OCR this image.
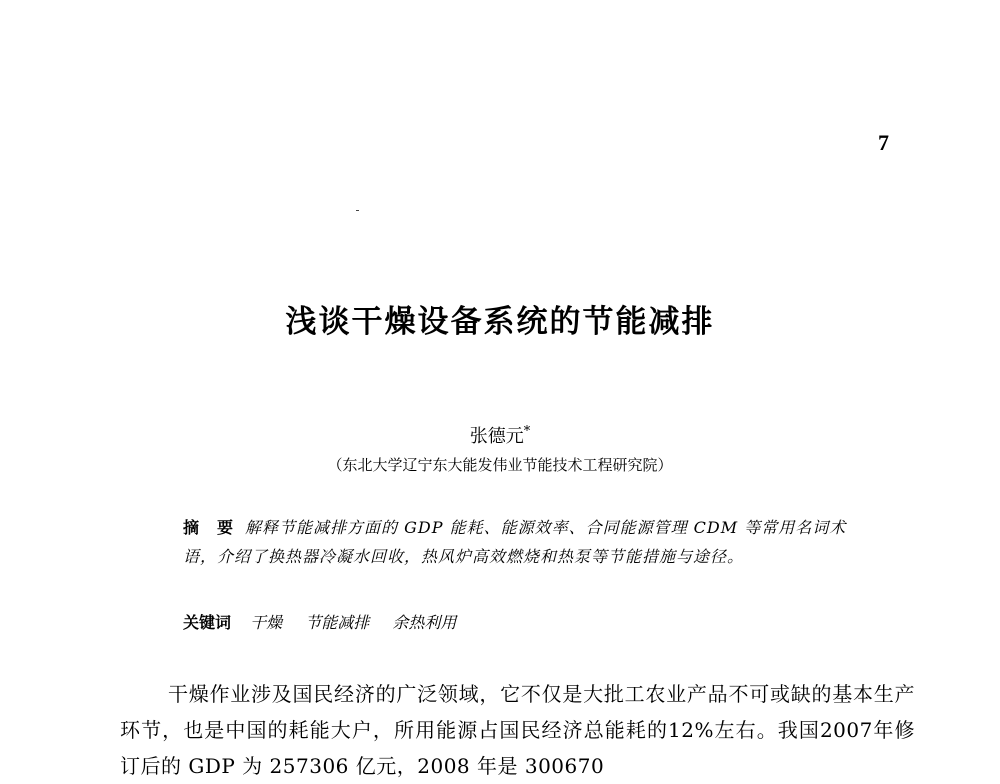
7
浅谈干燥设备系统的节能减排
张德元*
（东北大学辽宁东大能发伟业节能技术工程研究院）
摘 要 解释节能减排方面的 GDP 能耗、能源效率、合同能源管理 CDM 等常用名词术语，介绍了换热器冷凝水回收，热风炉高效燃烧和热泵等节能措施与途径。
关键词 干燥 节能减排 余热利用

干燥作业涉及国民经济的广泛领域，它不仅是大批工农业产品不可或缺的基本生产环节，也是中国的耗能大户，所用能源占国民经济总能耗的12%左右。我国2007年修订后的 GDP 为 257306 亿元，2008 年是 300670
